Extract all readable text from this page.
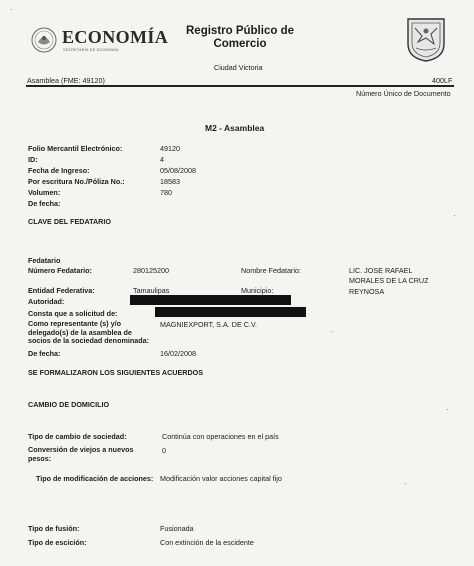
ECONOMÍA
SECRETARÍA DE ECONOMÍA
Registro Público de
Comercio
Ciudad Victoria
Asamblea (FME: 49120)	400LF
Número Único de Documento
M2 - Asamblea
Folio Mercantil Electrónico:	49120
ID:	4
Fecha de Ingreso:	05/08/2008
Por escritura No./Póliza No.:	18583
Volumen:	780
De fecha:
CLAVE DEL FEDATARIO
Fedatario
Número Fedatario:	280125200	Nombre Fedatario:	LIC. JOSE RAFAEL
MORALES DE LA CRUZ
REYNOSA
Entidad Federativa:	Tamaulipas	Municipio:
Autoridad:
Consta que a solicitud de:
Como representante (s) y/o delegado(s) de la asamblea de socios de la sociedad denominada:
MAGNIEXPORT, S.A. DE C.V.
De fecha:	16/02/2008
SE FORMALIZARON LOS SIGUIENTES ACUERDOS
CAMBIO DE DOMICILIO
Tipo de cambio de sociedad:	Continúa con operaciones en el país
Conversión de viejos a nuevos pesos:
0
Tipo de modificación de acciones: Modificación valor acciones capital fijo
Tipo de fusión:	Fusionada
Tipo de escición:	Con extinción de la escidente
